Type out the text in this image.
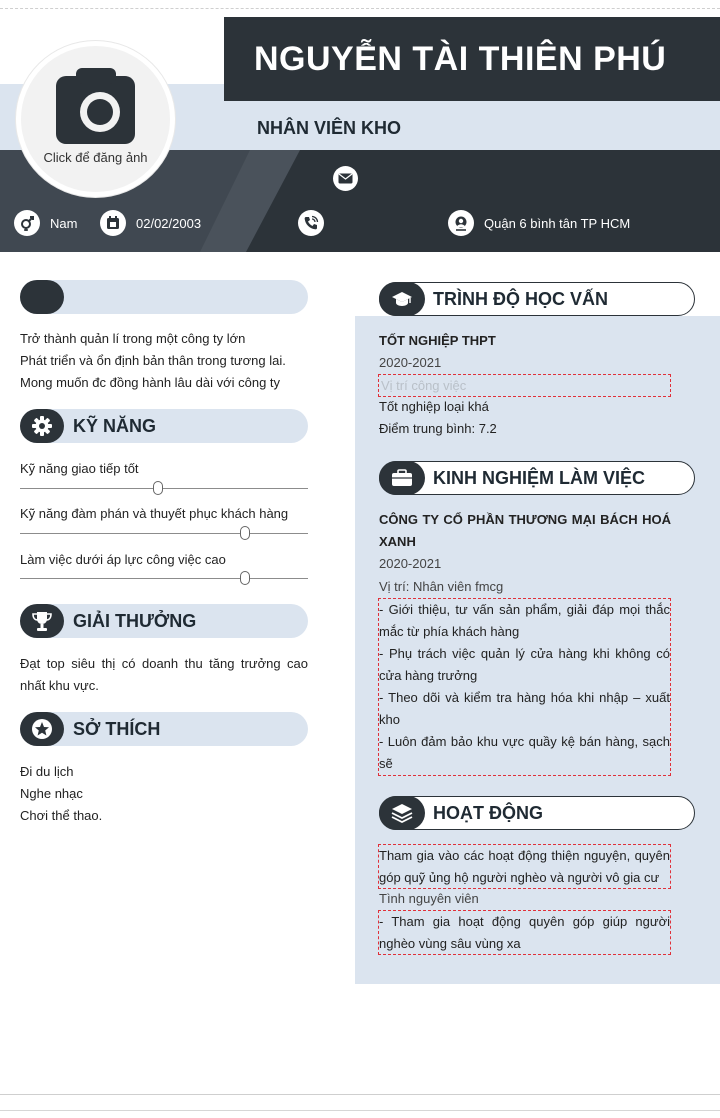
NGUYỄN TÀI THIÊN PHÚ
NHÂN VIÊN KHO
Click để đăng ảnh
Nam	02/02/2003	Quận 6 bình tân TP HCM
Trở thành quản lí trong một công ty lớn
Phát triển và ổn định bản thân trong tương lai.
Mong muốn đc đồng hành lâu dài với công ty
KỸ NĂNG
Kỹ năng giao tiếp tốt
Kỹ năng đàm phán và thuyết phục khách hàng
Làm việc dưới áp lực công việc cao
GIẢI THƯỞNG
Đạt top siêu thị có doanh thu tăng trưởng cao nhất khu vực.
SỞ THÍCH
Đi du lịch
Nghe nhạc
Chơi thể thao.
TRÌNH ĐỘ HỌC VẤN
TỐT NGHIỆP THPT
2020-2021
Vị trí công việc
Tốt nghiệp loại khá
Điểm trung bình: 7.2
KINH NGHIỆM LÀM VIỆC
CÔNG TY CỔ PHẦN THƯƠNG MẠI BÁCH HOÁ XANH
2020-2021
Vị trí: Nhân viên fmcg
- Giới thiệu, tư vấn sản phẩm, giải đáp mọi thắc mắc từ phía khách hàng
- Phụ trách việc quản lý cửa hàng khi không có cửa hàng trưởng
- Theo dõi và kiểm tra hàng hóa khi nhập – xuất kho
- Luôn đảm bảo khu vực quầy kệ bán hàng, sạch sẽ
HOẠT ĐỘNG
Tham gia vào các hoạt động thiện nguyện, quyên góp quỹ ủng hộ người nghèo và người vô gia cư
Tình nguyên viên
- Tham gia hoạt động quyên góp giúp người nghèo vùng sâu vùng xa
